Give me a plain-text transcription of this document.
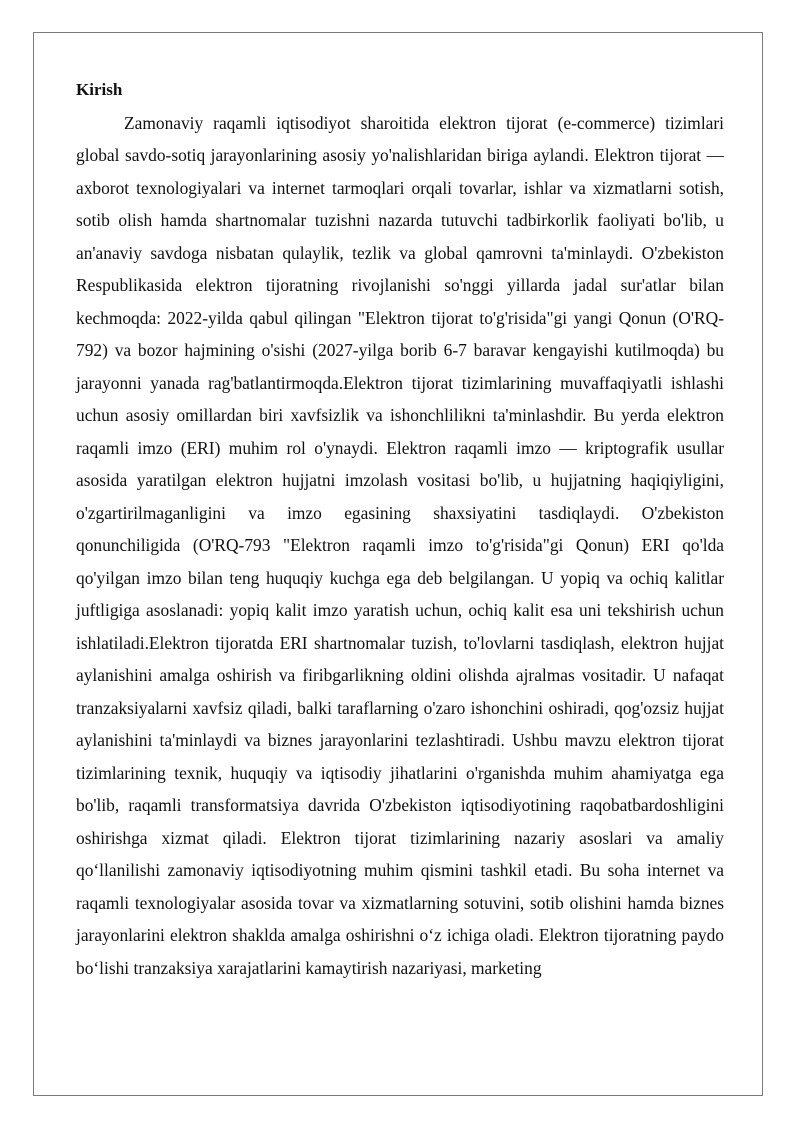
Kirish

Zamonaviy raqamli iqtisodiyot sharoitida elektron tijorat (e-commerce) tizimlari global savdo-sotiq jarayonlarining asosiy yo'nalishlaridan biriga aylandi. Elektron tijorat — axborot texnologiyalari va internet tarmoqlari orqali tovarlar, ishlar va xizmatlarni sotish, sotib olish hamda shartnomalar tuzishni nazarda tutuvchi tadbirkorlik faoliyati bo'lib, u an'anaviy savdoga nisbatan qulaylik, tezlik va global qamrovni ta'minlaydi. O'zbekiston Respublikasida elektron tijoratning rivojlanishi so'nggi yillarda jadal sur'atlar bilan kechmoqda: 2022-yilda qabul qilingan "Elektron tijorat to'g'risida"gi yangi Qonun (O'RQ-792) va bozor hajmining o'sishi (2027-yilga borib 6-7 baravar kengayishi kutilmoqda) bu jarayonni yanada rag'batlantirmoqda.Elektron tijorat tizimlarining muvaffaqiyatli ishlashi uchun asosiy omillardan biri xavfsizlik va ishonchlilikni ta'minlashdir. Bu yerda elektron raqamli imzo (ERI) muhim rol o'ynaydi. Elektron raqamli imzo — kriptografik usullar asosida yaratilgan elektron hujjatni imzolash vositasi bo'lib, u hujjatning haqiqiyligini, o'zgartirilmaganligini va imzo egasining shaxsiyatini tasdiqlaydi. O'zbekiston qonunchiligida (O'RQ-793 "Elektron raqamli imzo to'g'risida"gi Qonun) ERI qo'lda qo'yilgan imzo bilan teng huquqiy kuchga ega deb belgilangan. U yopiq va ochiq kalitlar juftligiga asoslanadi: yopiq kalit imzo yaratish uchun, ochiq kalit esa uni tekshirish uchun ishlatiladi.Elektron tijoratda ERI shartnomalar tuzish, to'lovlarni tasdiqlash, elektron hujjat aylanishini amalga oshirish va firibgarlikning oldini olishda ajralmas vositadir. U nafaqat tranzaksiyalarni xavfsiz qiladi, balki taraflarning o'zaro ishonchini oshiradi, qog'ozsiz hujjat aylanishini ta'minlaydi va biznes jarayonlarini tezlashtiradi. Ushbu mavzu elektron tijorat tizimlarining texnik, huquqiy va iqtisodiy jihatlarini o'rganishda muhim ahamiyatga ega bo'lib, raqamli transformatsiya davrida O'zbekiston iqtisodiyotining raqobatbardoshligini oshirishga xizmat qiladi. Elektron tijorat tizimlarining nazariy asoslari va amaliy qo‘llanilishi zamonaviy iqtisodiyotning muhim qismini tashkil etadi. Bu soha internet va raqamli texnologiyalar asosida tovar va xizmatlarning sotuvini, sotib olishini hamda biznes jarayonlarini elektron shaklda amalga oshirishni o‘z ichiga oladi. Elektron tijoratning paydo bo‘lishi tranzaksiya xarajatlarini kamaytirish nazariyasi, marketing
